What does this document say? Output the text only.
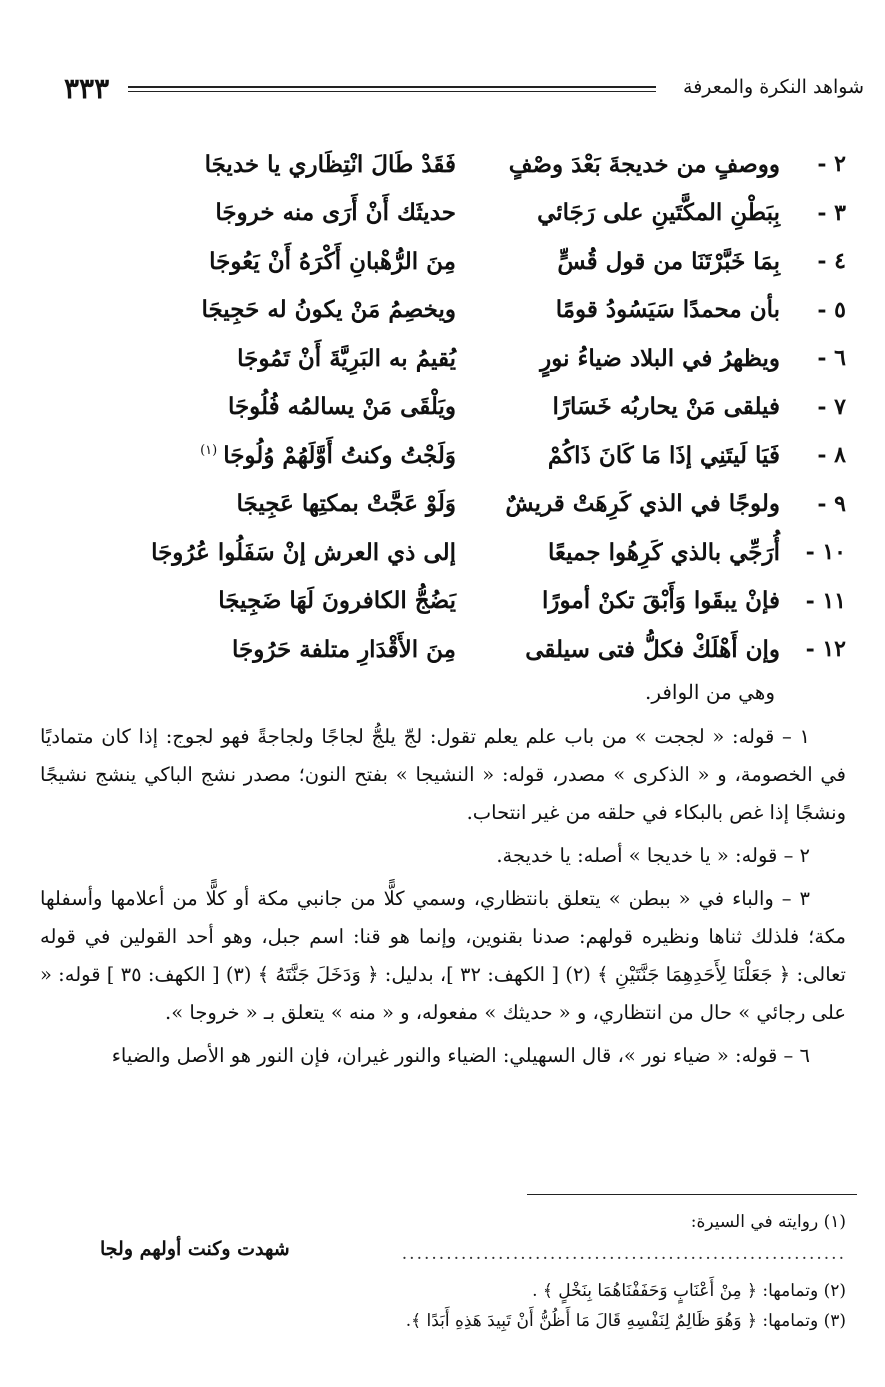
شواهد النكرة والمعرفة
٣٣٣
٢ -
ووصفٍ من خديجةَ بَعْدَ وصْفٍ
فَقَدْ طَالَ انْتِظَاري يا خديجَا
٣ -
بِبَطْنِ المكَّتَينِ على رَجَائي
حديثَك أَنْ أَرَى منه خروجَا
٤ -
بِمَا خَبَّرْتَنَا من قول قُسٍّ
مِنَ الرُّهْبانِ أَكْرَهُ أَنْ يَعُوجَا
٥ -
بأن محمدًا سَيَسُودُ قومًا
ويخصِمُ مَنْ يكونُ له حَجِيجَا
٦ -
ويظهرُ في البلاد ضياءُ نورٍ
يُقيمُ به البَرِيَّةَ أَنْ تَمُوجَا
٧ -
فيلقى مَنْ يحاربُه خَسَارًا
ويَلْقَى مَنْ يسالمُه فُلُوجَا
٨ -
فَيَا لَيتَنِي إذَا مَا كَانَ ذَاكُمْ
وَلَجْتُ وكنتُ أَوَّلَهُمْ وُلُوجَا$^{(١)}$
٩ -
ولوجًا في الذي كَرِهَتْ قريشٌ
وَلَوْ عَجَّتْ بمكتِها عَجِيجَا
١٠ -
أُرَجِّي بالذي كَرِهُوا جميعًا
إلى ذي العرش إنْ سَفَلُوا عُرُوجَا
١١ -
فإنْ يبقَوا وَأَبْقَ تكنْ أمورًا
يَضُجُّ الكافرونَ لَهَا ضَجِيجَا
١٢ -
وإن أَهْلَكْ فكلُّ فتى سيلقى
مِنَ الأَقْدَارِ متلفة حَرُوجَا
وهي من الوافر.

١ – قوله: « لججت » من باب علم يعلم تقول: لجّ يلجُّ لجاجًا ولجاجةً فهو لجوج: إذا كان متماديًا في الخصومة، و « الذكرى » مصدر، قوله: « النشيجا » بفتح النون؛ مصدر نشج الباكي ينشج نشيجًا ونشجًا إذا غص بالبكاء في حلقه من غير انتحاب.

٢ – قوله: « يا خديجا » أصله: يا خديجة.

٣ – والباء في « ببطن » يتعلق بانتظاري، وسمي كلًّا من جانبي مكة أو كلًّا من أعلامها وأسفلها مكة؛ فلذلك ثناها ونظيره قولهم: صدنا بقنوين، وإنما هو قنا: اسم جبل، وهو أحد القولين في قوله تعالى: ﴿ جَعَلْنَا لِأَحَدِهِمَا جَنَّتَيْنِ ﴾ (٢) [ الكهف: ٣٢ ]، بدليل: ﴿ وَدَخَلَ جَنَّتَهُ ﴾ (٣) [ الكهف: ٣٥ ] قوله: « على رجائي » حال من انتظاري، و « حديثك » مفعوله، و « منه » يتعلق بـ « خروجا ».

٦ – قوله: « ضياء نور »، قال السهيلي: الضياء والنور غيران، فإن النور هو الأصل والضياء

(١) روايته في السيرة:
............................................................
شهدت وكنت أولهم ولجا
(٢) وتمامها: ﴿ مِنْ أَعْنَابٍ وَحَفَفْنَاهُمَا بِنَخْلٍ ﴾ .
(٣) وتمامها: ﴿ وَهُوَ ظَالِمٌ لِنَفْسِهِ قَالَ مَا أَظُنُّ أَنْ تَبِيدَ هَذِهِ أَبَدًا ﴾.
